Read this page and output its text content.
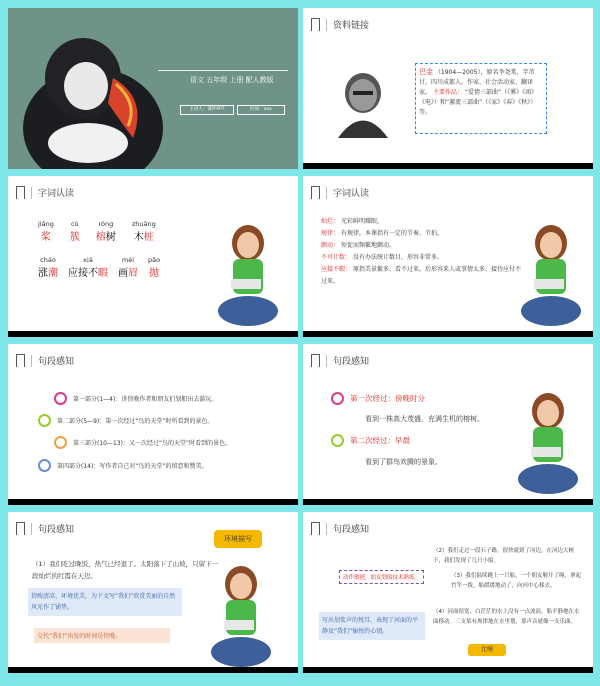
语文 五年级 上册 配人教版
主讲人：课件PPT	时间：xxx
资料链接
巴金 （1904—2005），原名李尧棠，字芾甘，四川成都人。作家、社会活动家、翻译家。 主要作品： “爱情三部曲”（《雾》《雨》《电》）和“激流三部曲”（《家》《春》《秋》）等。
字词认读
jiǎng
桨
cù
簇
róng
榕树
zhuāng
木桩
cháo
涨潮
xiá
应接不暇
méi
画眉
pāo
抛
字词认读
灿烂： 光彩鲜明耀眼。
规律： 有规律。本课指有一定的节奏、节拍。
颤动： 短促而频繁地颤动。
不可计数： 没有办法统计数目，形容非常多。
应接不暇： 原指美景繁多，看不过来。后形容来人或事情太多，接待应付不过来。
句段感知
第一部分(1—4)：讲傍晚作者和朋友们划船出去游玩。
第二部分(5—9)：第一次经过“鸟的天堂”时所看到的景色。
第三部分(10—13)：又一次经过“鸟的天堂”时看到的景色。
第四部分(14)：写作者自己对“鸟的天堂”的留恋和赞美。
句段感知
第一次经过：傍晚时分
看到一株高大茂盛、充满生机的榕树。
第二次经过：早晨
看到了群鸟欢腾的景象。
句段感知
环境描写
（1）我们吃过晚饭，热气已经退了。太阳落下了山坡，只留下一段灿烂的红霞在天边。
傍晚清凉、环境优美，为下文写“我们”欣赏美丽的自然风光作了铺垫。
交代“我们”出发的时间是傍晚。
句段感知
（2）我们走过一段石子路，很快就到了河边。在河边大树下，我们发现了几只小船。
动作敏捷，朋友划船技术熟练。	（3）我们陆续跳上一只船。一个朋友解开了绳，拿起竹竿一拨，船缓缓地动了，向河中心移去。
写出划浆声的悦耳，表现了河面的平静及“我们”愉悦的心情。
（4）河面很宽，白茫茫的水上没有一点波浪。船平静地在水面移动。三支桨有规律地在水里划，那声音就像一支乐曲。
比喻
